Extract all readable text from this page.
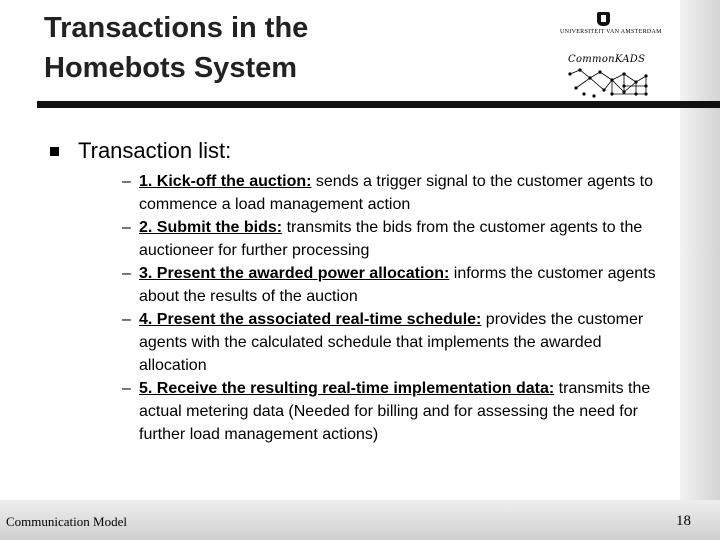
Transactions in the
Homebots System
UNIVERSITEIT VAN AMSTERDAM
CommonKADS
Transaction list:
– 1. Kick-off the auction: sends a trigger signal to the customer agents to commence a load management action
– 2. Submit the bids: transmits the bids from the customer agents to the auctioneer for further processing
– 3. Present the awarded power allocation: informs the customer agents about the results of the auction
– 4. Present the associated real-time schedule: provides the customer agents with the calculated schedule that implements the awarded allocation
– 5. Receive the resulting real-time implementation data: transmits the actual metering data (Needed for billing and for assessing the need for further load management actions)
Communication Model	18
